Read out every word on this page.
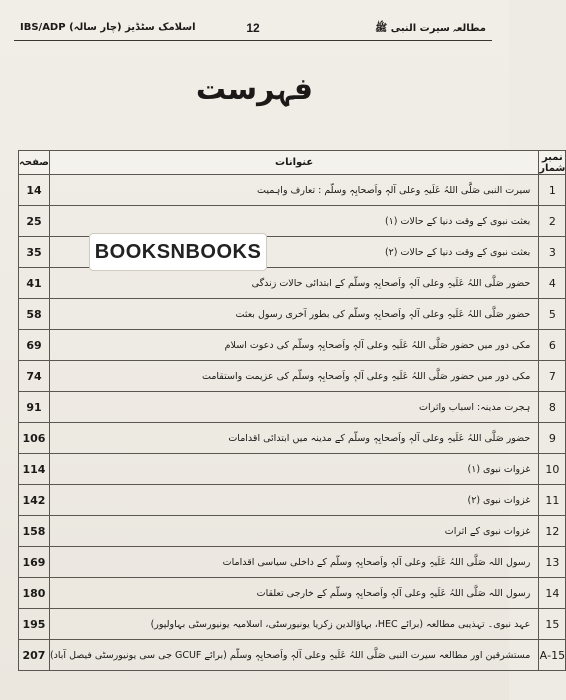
IBS/ADP اسلامک سٹڈیز (چار سالہ)	12	مطالعہ سیرت النبی ﷺ
فہرست
نمبر شمار	عنوانات	صفحہ
1	سیرت النبی صَلَّی اللہُ عَلَیہِ وعلی آلہٖ واَصحابِہٖ وسلّم : تعارف واہمیت	14
2	بعثت نبوی کے وقت دنیا کے حالات (۱)	25
3	بعثت نبوی کے وقت دنیا کے حالات (۲)	35
4	حضور صَلَّی اللہُ عَلَیہِ وعلی آلہٖ واَصحابِہٖ وسلّم کے ابتدائی حالات زندگی	41
5	حضور صَلَّی اللہُ عَلَیہِ وعلی آلہٖ واَصحابِہٖ وسلّم کی بطور آخری رسول بعثت	58
6	مکی دور میں حضور صَلَّی اللہُ عَلَیہِ وعلی آلہٖ واَصحابِہٖ وسلّم کی دعوت اسلام	69
7	مکی دور میں حضور صَلَّی اللہُ عَلَیہِ وعلی آلہٖ واَصحابِہٖ وسلّم کی عزیمت واستقامت	74
8	ہجرت مدینہ: اسباب واثرات	91
9	حضور صَلَّی اللہُ عَلَیہِ وعلی آلہٖ واَصحابِہٖ وسلّم کے مدینہ میں ابتدائی اقدامات	106
10	غزوات نبوی (۱)	114
11	غزوات نبوی (۲)	142
12	غزوات نبوی کے اثرات	158
13	رسول اللہ صَلَّی اللہُ عَلَیہِ وعلی آلہٖ واَصحابِہٖ وسلّم کے داخلی سیاسی اقدامات	169
14	رسول اللہ صَلَّی اللہُ عَلَیہِ وعلی آلہٖ واَصحابِہٖ وسلّم کے خارجی تعلقات	180
15	عہد نبوی۔ تہذیبی مطالعہ (برائے HEC، بہاؤالدین زکریا یونیورسٹی، اسلامیہ یونیورسٹی بہاولپور)	195
15-A	مستشرقین اور مطالعہ سیرت النبی صَلَّی اللہُ عَلَیہِ وعلی آلہٖ واَصحابِہٖ وسلّم (برائے GCUF جی سی یونیورسٹی فیصل آباد)	207
BOOKSNBOOKS
